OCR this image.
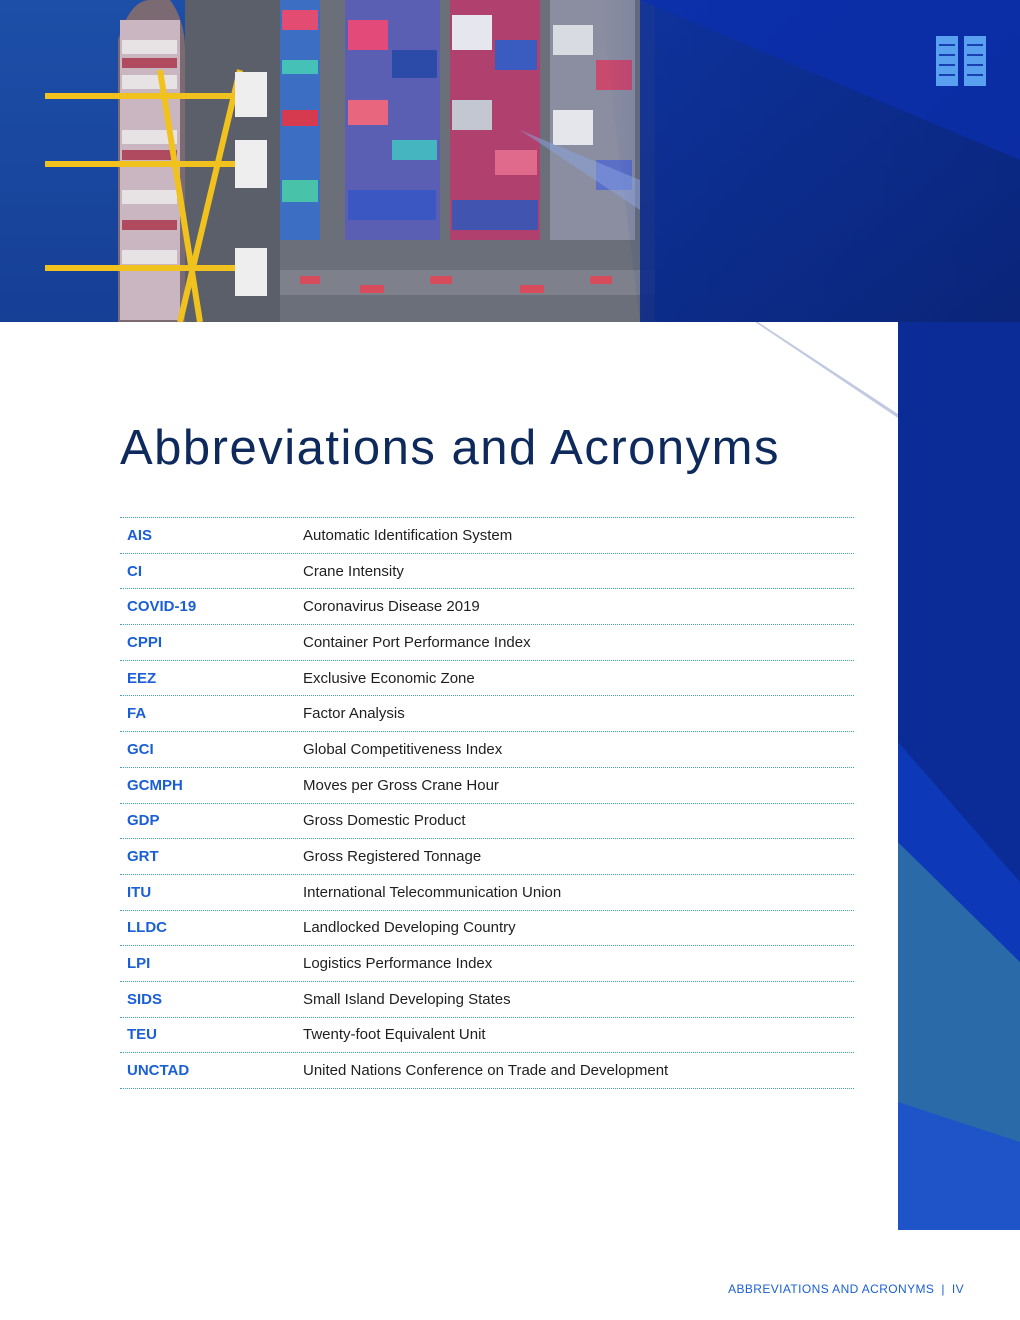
Abbreviations and Acronyms
AIS	Automatic Identification System
CI	Crane Intensity
COVID-19	Coronavirus Disease 2019
CPPI	Container Port Performance Index
EEZ	Exclusive Economic Zone
FA	Factor Analysis
GCI	Global Competitiveness Index
GCMPH	Moves per Gross Crane Hour
GDP	Gross Domestic Product
GRT	Gross Registered Tonnage
ITU	International Telecommunication Union
LLDC	Landlocked Developing Country
LPI	Logistics Performance Index
SIDS	Small Island Developing States
TEU	Twenty-foot Equivalent Unit
UNCTAD	United Nations Conference on Trade and Development
ABBREVIATIONS AND ACRONYMS | IV
